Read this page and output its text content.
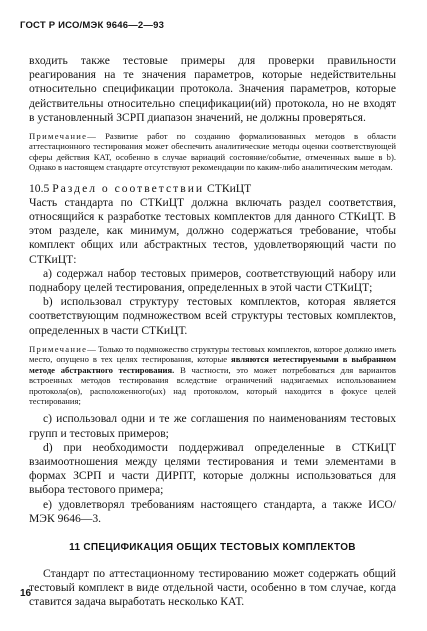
ГОСТ Р ИСО/МЭК 9646—2—93

входить также тестовые примеры для проверки правильности реагирования на те значения параметров, которые недействительны относительно спецификации протокола. Значения параметров, которые действительны относительно спецификации(ий) протокола, но не входят в установленный ЗСРП диапазон значений, не должны проверяться.

Примечание— Развитие работ по созданию формализованных методов в области аттестационного тестирования может обеспечить аналитические методы оценки соответствующей сферы действия КАТ, особенно в случае вариаций состояние/событие, отмеченных выше в b). Однако в настоящем стандарте отсутствуют рекомендации по каким-либо аналитическим методам.

10.5 Раздел о соответствии СТКиЦТ

Часть стандарта по СТКиЦТ должна включать раздел соответствия, относящийся к разработке тестовых комплектов для данного СТКиЦТ. В этом разделе, как минимум, должно содержаться требование, чтобы комплект общих или абстрактных тестов, удовлетворяющий части по СТКиЦТ:

a) содержал набор тестовых примеров, соответствующий набору или поднабору целей тестирования, определенных в этой части СТКиЦТ;

b) использовал структуру тестовых комплектов, которая является соответствующим подмножеством всей структуры тестовых комплектов, определенных в части СТКиЦТ.

Примечание— Только то подмножество структуры тестовых комплектов, которое должно иметь место, опущено в тех целях тестирования, которые являются нетестируемыми в выбранном методе абстрактного тестирования. В частности, это может потребоваться для вариантов встроенных методов тестирования вследствие ограничений надзигаемых использованием протокола(ов), расположенного(ых) над протоколом, который находится в фокусе целей тестирования;

c) использовал одни и те же соглашения по наименованиям тестовых групп и тестовых примеров;

d) при необходимости поддерживал определенные в СТКиЦТ взаимоотношения между целями тестирования и теми элементами в формах ЗСРП и части ДИРПТ, которые должны использоваться для выбора тестового примера;

e) удовлетворял требованиям настоящего стандарта, а также ИСО/МЭК 9646—3.

11 СПЕЦИФИКАЦИЯ ОБЩИХ ТЕСТОВЫХ КОМПЛЕКТОВ

Стандарт по аттестационному тестированию может содержать общий тестовый комплект в виде отдельной части, особенно в том случае, когда ставится задача выработать несколько КАТ.

16
